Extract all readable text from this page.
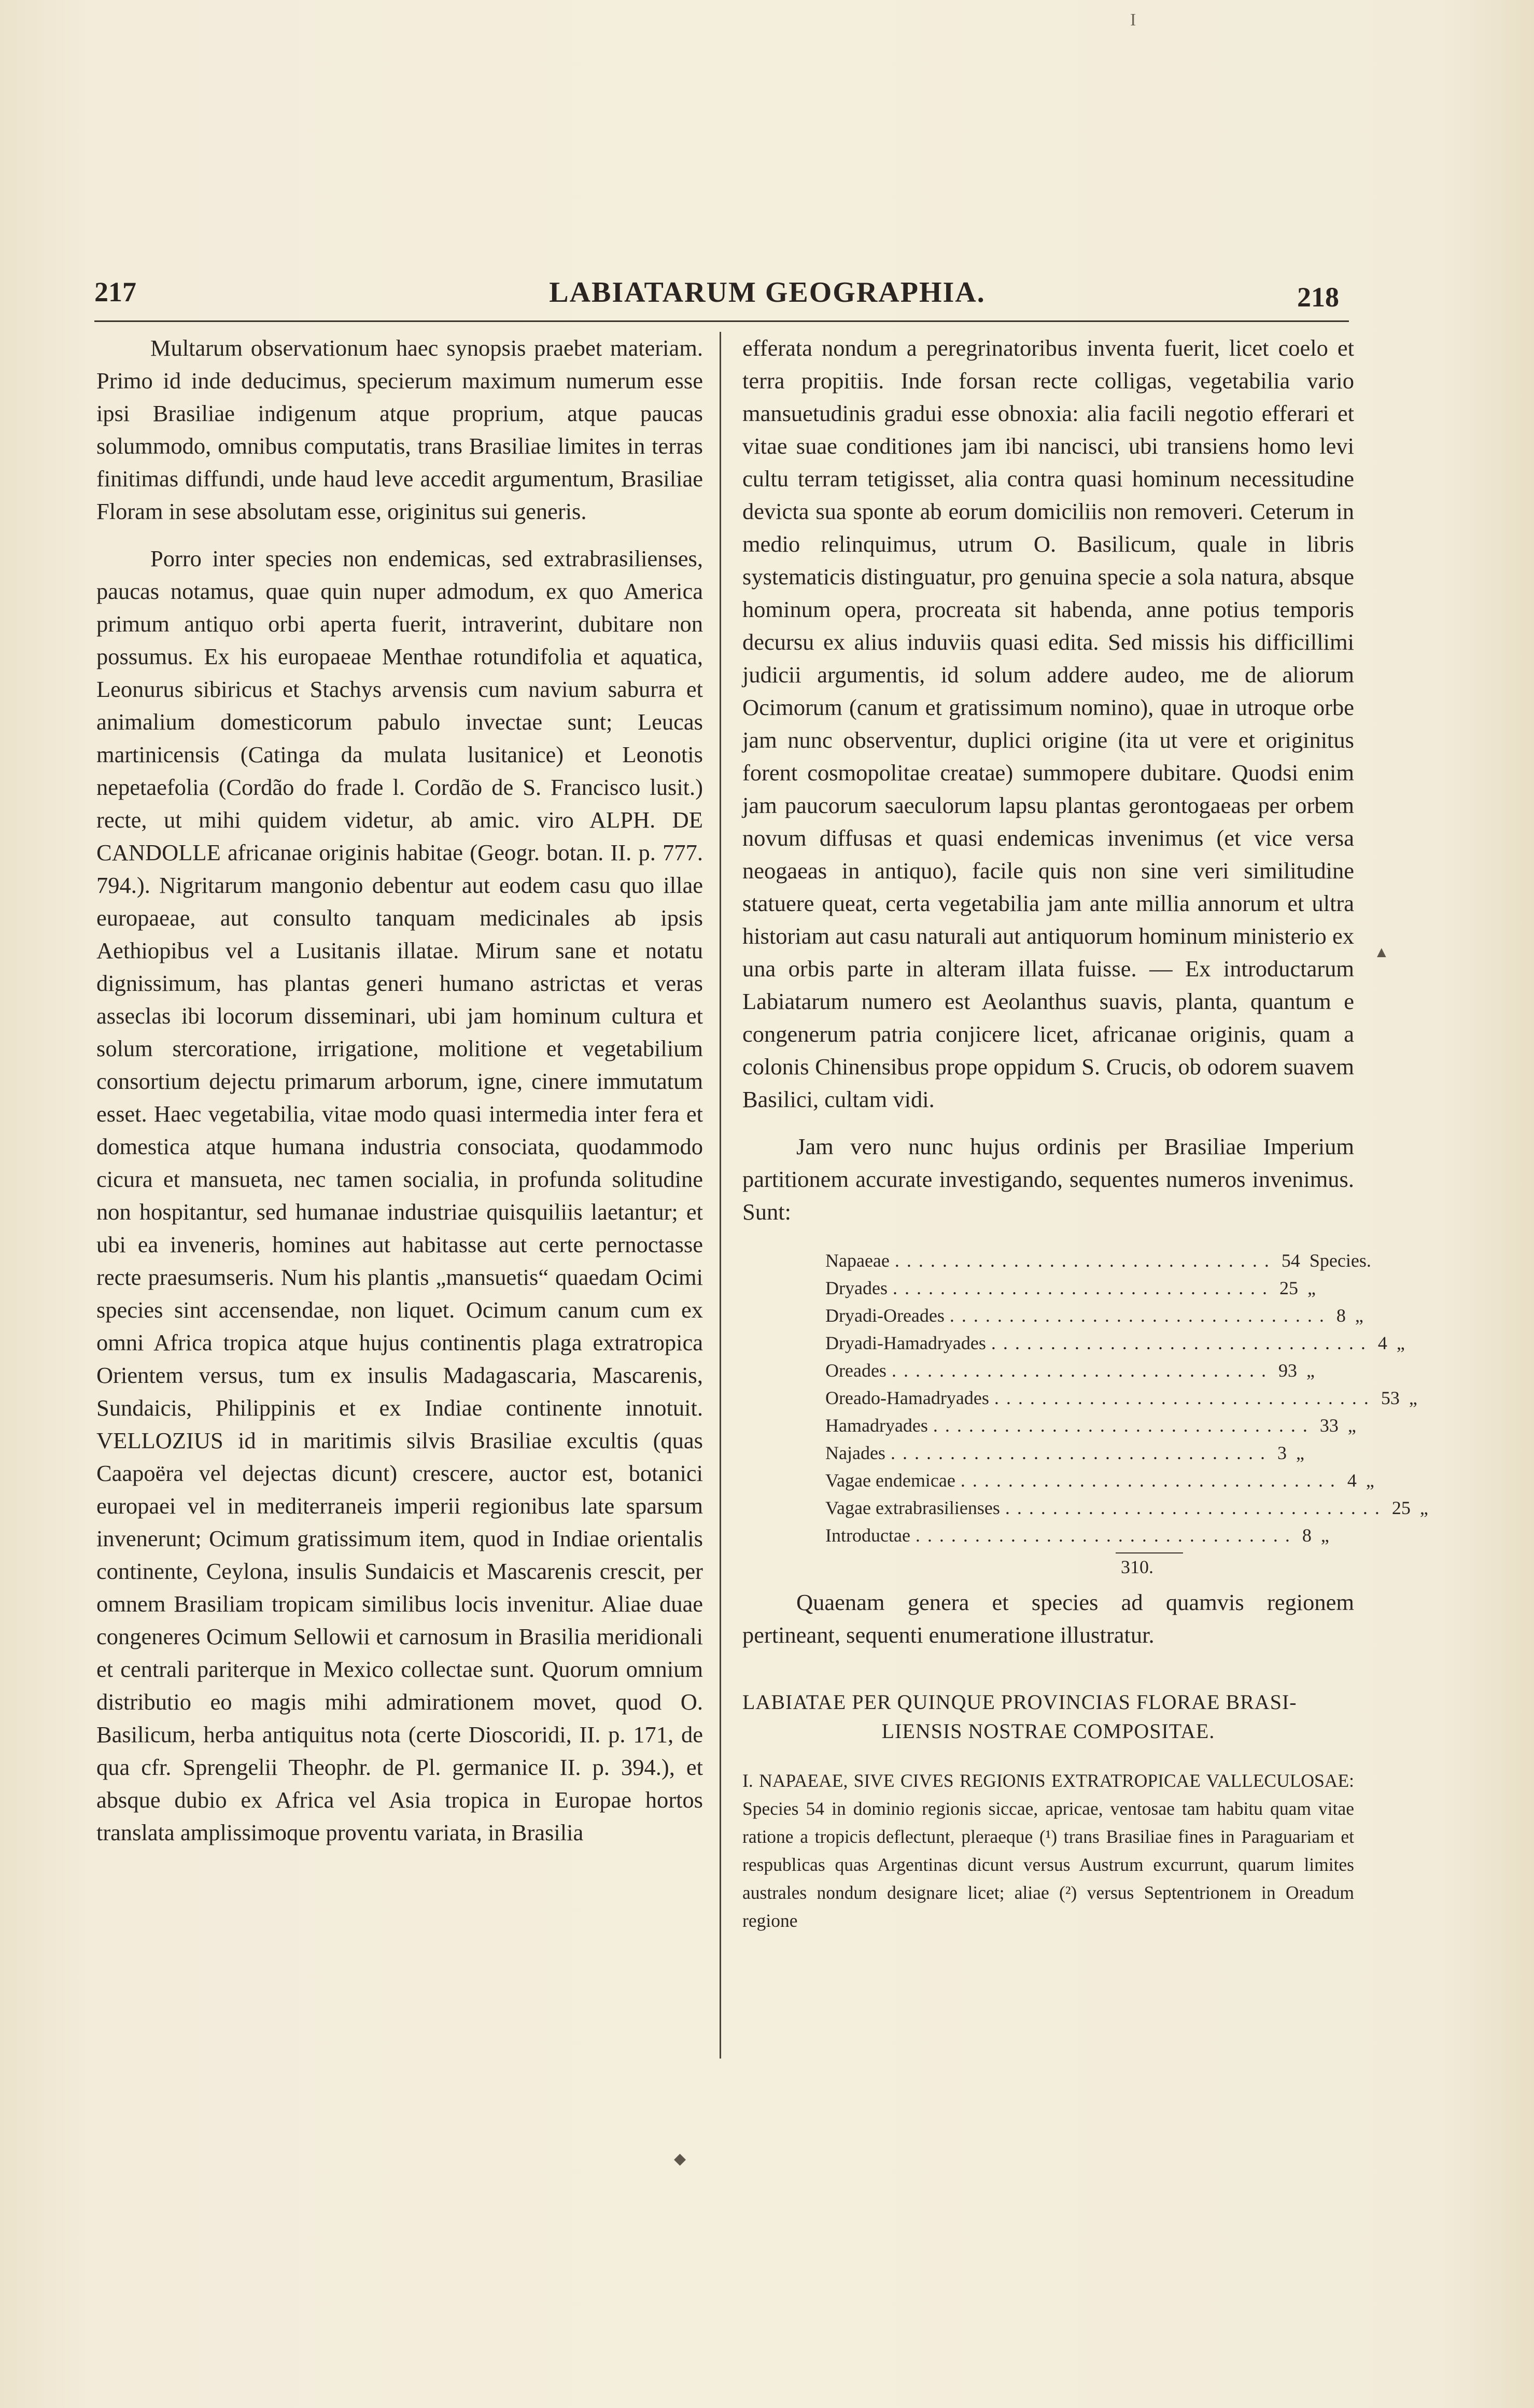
I
217	LABIATARUM GEOGRAPHIA.	218

Multarum observationum haec synopsis praebet materiam. Primo id inde deducimus, specierum maximum numerum esse ipsi Brasiliae indigenum atque proprium, atque paucas solummodo, omnibus computatis, trans Brasiliae limites in terras finitimas diffundi, unde haud leve accedit argumentum, Brasiliae Floram in sese absolutam esse, originitus sui generis.

Porro inter species non endemicas, sed extrabrasilienses, paucas notamus, quae quin nuper admodum, ex quo America primum antiquo orbi aperta fuerit, intraverint, dubitare non possumus. Ex his europaeae Menthae rotundifolia et aquatica, Leonurus sibiricus et Stachys arvensis cum navium saburra et animalium domesticorum pabulo invectae sunt; Leucas martinicensis (Catinga da mulata lusitanice) et Leonotis nepetaefolia (Cordão do frade l. Cordão de S. Francisco lusit.) recte, ut mihi quidem videtur, ab amic. viro ALPH. DE CANDOLLE africanae originis habitae (Geogr. botan. II. p. 777. 794.). Nigritarum mangonio debentur aut eodem casu quo illae europaeae, aut consulto tanquam medicinales ab ipsis Aethiopibus vel a Lusitanis illatae. Mirum sane et notatu dignissimum, has plantas generi humano astrictas et veras asseclas ibi locorum disseminari, ubi jam hominum cultura et solum stercoratione, irrigatione, molitione et vegetabilium consortium dejectu primarum arborum, igne, cinere immutatum esset. Haec vegetabilia, vitae modo quasi intermedia inter fera et domestica atque humana industria consociata, quodammodo cicura et mansueta, nec tamen socialia, in profunda solitudine non hospitantur, sed humanae industriae quisquiliis laetantur; et ubi ea inveneris, homines aut habitasse aut certe pernoctasse recte praesumseris. Num his plantis „mansuetis“ quaedam Ocimi species sint accensendae, non liquet. Ocimum canum cum ex omni Africa tropica atque hujus continentis plaga extratropica Orientem versus, tum ex insulis Madagascaria, Mascarenis, Sundaicis, Philippinis et ex Indiae continente innotuit. VELLOZIUS id in maritimis silvis Brasiliae excultis (quas Caapoëra vel dejectas dicunt) crescere, auctor est, botanici europaei vel in mediterraneis imperii regionibus late sparsum invenerunt; Ocimum gratissimum item, quod in Indiae orientalis continente, Ceylona, insulis Sundaicis et Mascarenis crescit, per omnem Brasiliam tropicam similibus locis invenitur. Aliae duae congeneres Ocimum Sellowii et carnosum in Brasilia meridionali et centrali pariterque in Mexico collectae sunt. Quorum omnium distributio eo magis mihi admirationem movet, quod O. Basilicum, herba antiquitus nota (certe Dioscoridi, II. p. 171, de qua cfr. Sprengelii Theophr. de Pl. germanice II. p. 394.), et absque dubio ex Africa vel Asia tropica in Europae hortos translata amplissimoque proventu variata, in Brasilia

▲

efferata nondum a peregrinatoribus inventa fuerit, licet coelo et terra propitiis. Inde forsan recte colligas, vegetabilia vario mansuetudinis gradui esse obnoxia: alia facili negotio efferari et vitae suae conditiones jam ibi nancisci, ubi transiens homo levi cultu terram tetigisset, alia contra quasi hominum necessitudine devicta sua sponte ab eorum domiciliis non removeri. Ceterum in medio relinquimus, utrum O. Basilicum, quale in libris systematicis distinguatur, pro genuina specie a sola natura, absque hominum opera, procreata sit habenda, anne potius temporis decursu ex alius induviis quasi edita. Sed missis his difficillimi judicii argumentis, id solum addere audeo, me de aliorum Ocimorum (canum et gratissimum nomino), quae in utroque orbe jam nunc observentur, duplici origine (ita ut vere et originitus forent cosmopolitae creatae) summopere dubitare. Quodsi enim jam paucorum saeculorum lapsu plantas gerontogaeas per orbem novum diffusas et quasi endemicas invenimus (et vice versa neogaeas in antiquo), facile quis non sine veri similitudine statuere queat, certa vegetabilia jam ante millia annorum et ultra historiam aut casu naturali aut antiquorum hominum ministerio ex una orbis parte in alteram illata fuisse. — Ex introductarum Labiatarum numero est Aeolanthus suavis, planta, quantum e congenerum patria conjicere licet, africanae originis, quam a colonis Chinensibus prope oppidum S. Crucis, ob odorem suavem Basilici, cultam vidi.

Jam vero nunc hujus ordinis per Brasiliae Imperium partitionem accurate investigando, sequentes numeros invenimus. Sunt:

Napaeae ................................ 54 Species.
Dryades ................................ 25 „
Dryadi-Oreades ................................ 8 „
Dryadi-Hamadryades ................................ 4 „
Oreades ................................ 93 „
Oreado-Hamadryades ................................ 53 „
Hamadryades ................................ 33 „
Najades ................................ 3 „
Vagae endemicae ................................ 4 „
Vagae extrabrasilienses ................................ 25 „
Introductae ................................ 8 „
310.

Quaenam genera et species ad quamvis regionem pertineant, sequenti enumeratione illustratur.

LABIATAE PER QUINQUE PROVINCIAS FLORAE BRASI-
LIENSIS NOSTRAE COMPOSITAE.

I. NAPAEAE, SIVE CIVES REGIONIS EXTRATROPICAE VALLECULOSAE: Species 54 in dominio regionis siccae, apricae, ventosae tam habitu quam vitae ratione a tropicis deflectunt, pleraeque (¹) trans Brasiliae fines in Paraguariam et respublicas quas Argentinas dicunt versus Austrum excurrunt, quarum limites australes nondum designare licet; aliae (²) versus Septentrionem in Oreadum regione

◆
